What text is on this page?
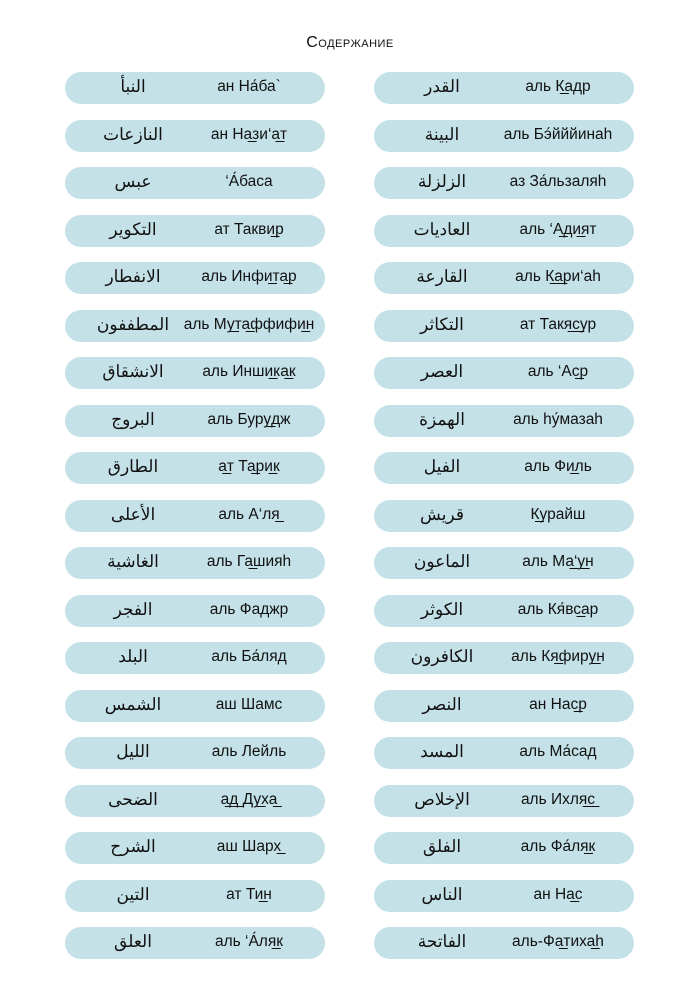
Содержание
النبأ	ан На́ба`
النازعات	ан На̲зи‘а̲т
عبس	‘А́баса
التكوير	ат Такви̲р
الانفطار	аль Инфи̲та̲р
المطففون аль Му̲та̲ффифи̲н
الانشقاق	аль Инши̲ка̲к
البروج	аль Буру̲дж
الطارق	а̲т Та̲ри̲к
الأعلى	аль А‘ля̲
الغاشية	аль Га̲шияh
الفجر	аль Фаджр
البلد	аль Ба́ляд
الشمس	аш Шамс
الليل	аль Лейль
الضحى	а̲д̲ Ду̲ха̲
الشرح	аш Шарх̲
التين	ат Ти̲н
العلق	аль ‘А́ля̲к
القدر	аль К̲адр
البينة	аль Бэ́йййинаh
الزلزلة	аз За́льзаляh
العاديات	аль ‘А̲ди̲ят
القارعة	аль К̲а̲ри‘аh
التكاثر	ат Такя̲с̲ур
العصر	аль ‘Ас̲р
الهمزة	аль hу́мазаh
الفيل	аль Фи̲ль
قريش	К̲урайш
الماعون	аль Ма̲‘у̲н
الكوثر	аль Кя́вс̲ар
الكافرون	аль Кя̲фиру̲н
النصر	ан Нас̲р
المسد	аль Ма́сад
الإخلاص	аль Ихля̲с̲
الفلق	аль Фа́ля̲к
الناس	ан На̲с
الفاتحة	аль-Фа̲тиха̲h
